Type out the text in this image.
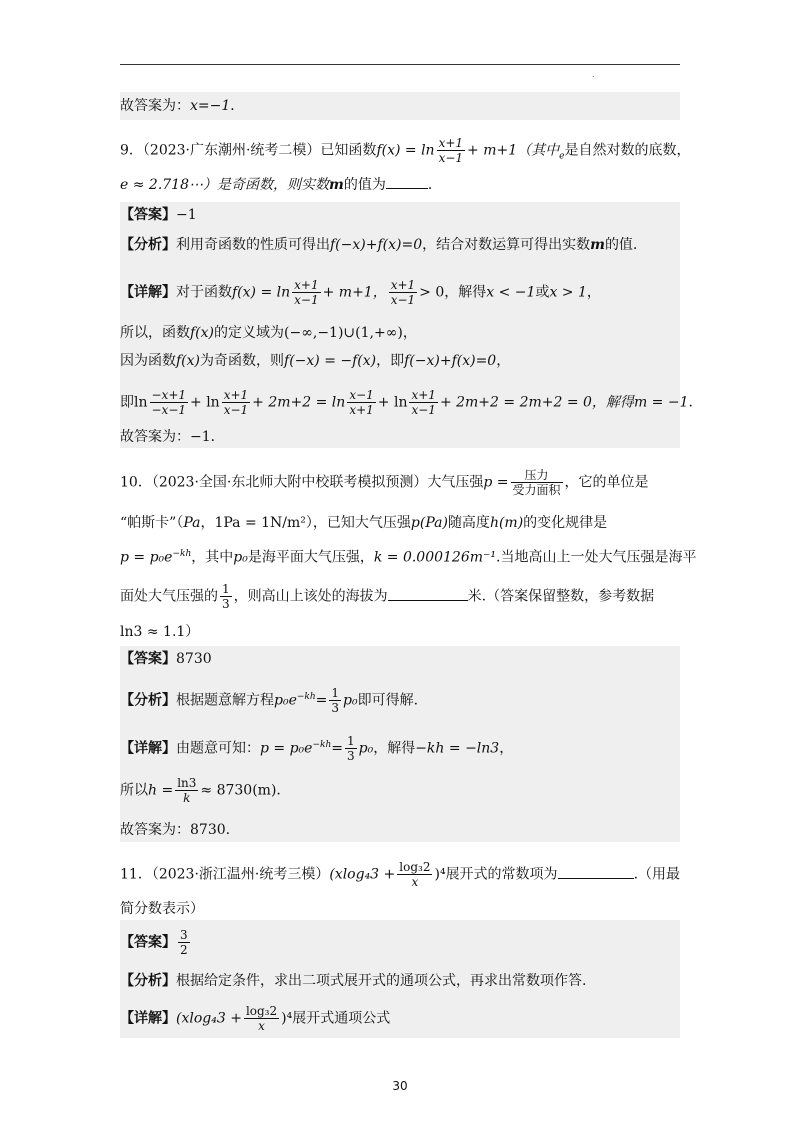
.
故答案为：x=−1．
9．（2023·广东潮州·统考二模）已知函数$f(x) = \ln \frac{x+1}{x-1} + m+1$（其中$_e$是自然对数的底数，
e ≈ 2.718⋯）是奇函数，则实数m的值为	．
【答案】−1
【分析】利用奇函数的性质可得出f(−x)+f(x)=0，结合对数运算可得出实数m的值.
【详解】对于函数$f(x) = \ln \frac{x+1}{x-1} + m+1$， $\frac{x+1}{x-1} > 0$，解得x < −1或x > 1，
所以，函数f(x)的定义域为(−∞,−1)∪(1,+∞)，
因为函数f(x)为奇函数，则f(−x) = −f(x)，即f(−x)+f(x)=0，
即$\ln \frac{-x+1}{-x-1} + \ln \frac{x+1}{x-1} + 2m+2 = \ln \frac{x-1}{x+1} + \ln \frac{x+1}{x-1} + 2m+2 = 2m+2 = 0$，解得m = −1．
故答案为：−1．
10．（2023·全国·东北师大附中校联考模拟预测）大气压强$p = \frac{\text{压力}}{\text{受力面积}}$ ，它的单位是
“帕斯卡”（Pa，1Pa = 1N/m²），已知大气压强p(Pa)随高度h(m)的变化规律是
$p = p_0e^{-kh}$，其中p₀是海平面大气压强，k = 0.000126m⁻¹.当地高山上一处大气压强是海平
面处大气压强的 $\frac{1}{3}$ ，则高山上该处的海拔为	米.（答案保留整数，参考数据
ln3 ≈ 1.1）
【答案】8730
【分析】根据题意解方程$p_0e^{-kh}= \frac{1}{3} p_0$即可得解.
【详解】由题意可知：$p = p_0e^{-kh}= \frac{1}{3} p_0$，解得−kh = −ln3，
所以$h = \frac{\ln 3}{k} \approx 8730(m)$.
故答案为：8730.
11．（2023·浙江温州·统考三模）$(xlog_43 + \frac{\text{log₃2}}{x} )^4$展开式的常数项为	.（用最
简分数表示）
【答案】 $\frac{3}{2}$
【分析】根据给定条件，求出二项式展开式的通项公式，再求出常数项作答.
【详解】$(xlog_43 + \frac{\text{log₃2}}{x} )^4$展开式通项公式
30
